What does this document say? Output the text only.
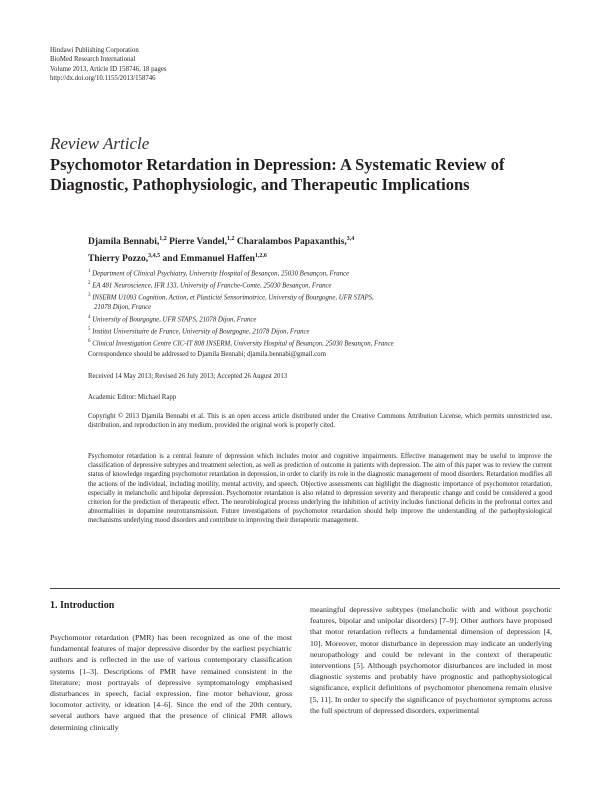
Hindawi Publishing Corporation
BioMed Research International
Volume 2013, Article ID 158746, 18 pages
http://dx.doi.org/10.1155/2013/158746
Review Article
Psychomotor Retardation in Depression: A Systematic Review of Diagnostic, Pathophysiologic, and Therapeutic Implications
Djamila Bennabi,$^{1,2}$ Pierre Vandel,$^{1,2}$ Charalambos Papaxanthis,$^{3,4}$
Thierry Pozzo,$^{3,4,5}$ and Emmanuel Haffen$^{1,2,6}$
$^1$ Department of Clinical Psychiatry, University Hospital of Besançon, 25030 Besançon, France
$^2$ EA 481 Neuroscience, IFR 133, University of Franche-Comte, 25030 Besançon, France
$^3$ INSERM U1093 Cognition, Action, et Plasticité Sensorimotrice, University of Bourgogne, UFR STAPS,
21078 Dijon, France
$^4$ University of Bourgogne, UFR STAPS, 21078 Dijon, France
$^5$ Institut Universitaire de France, University of Bourgogne, 21078 Dijon, France
$^6$ Clinical Investigation Centre CIC-IT 808 INSERM, University Hospital of Besançon, 25030 Besançon, France
Correspondence should be addressed to Djamila Bennabi; djamila.bennabi@gmail.com
Received 14 May 2013; Revised 26 July 2013; Accepted 26 August 2013
Academic Editor: Michael Rapp
Copyright © 2013 Djamila Bennabi et al. This is an open access article distributed under the Creative Commons Attribution License, which permits unrestricted use, distribution, and reproduction in any medium, provided the original work is properly cited.
Psychomotor retardation is a central feature of depression which includes motor and cognitive impairments. Effective management may be useful to improve the classification of depressive subtypes and treatment selection, as well as prediction of outcome in patients with depression. The aim of this paper was to review the current status of knowledge regarding psychomotor retardation in depression, in order to clarify its role in the diagnostic management of mood disorders. Retardation modifies all the actions of the individual, including motility, mental activity, and speech. Objective assessments can highlight the diagnostic importance of psychomotor retardation, especially in melancholic and bipolar depression. Psychomotor retardation is also related to depression severity and therapeutic change and could be considered a good criterion for the prediction of therapeutic effect. The neurobiological process underlying the inhibition of activity includes functional deficits in the prefrontal cortex and abnormalities in dopamine neurotransmission. Future investigations of psychomotor retardation should help improve the understanding of the pathophysiological mechanisms underlying mood disorders and contribute to improving their therapeutic management.
1. Introduction
Psychomotor retardation (PMR) has been recognized as one of the most fundamental features of major depressive disorder by the earliest psychiatric authors and is reflected in the use of various contemporary classification systems [1–3]. Descriptions of PMR have remained consistent in the literature; most portrayals of depressive symptomatology emphasised disturbances in speech, facial expression, fine motor behaviour, gross locomotor activity, or ideation [4–6]. Since the end of the 20th century, several authors have argued that the presence of clinical PMR allows determining clinically
meaningful depressive subtypes (melancholic with and without psychotic features, bipolar and unipolar disorders) [7–9]. Other authors have proposed that motor retardation reflects a fundamental dimension of depression [4, 10]. Moreover, motor disturbance in depression may indicate an underlying neuropathology and could be relevant in the context of therapeutic interventions [5]. Although psychomotor disturbances are included in most diagnostic systems and probably have prognostic and pathophysiological significance, explicit definitions of psychomotor phenomena remain elusive [5, 11]. In order to specify the significance of psychomotor symptoms across the full spectrum of depressed disorders, experimental
